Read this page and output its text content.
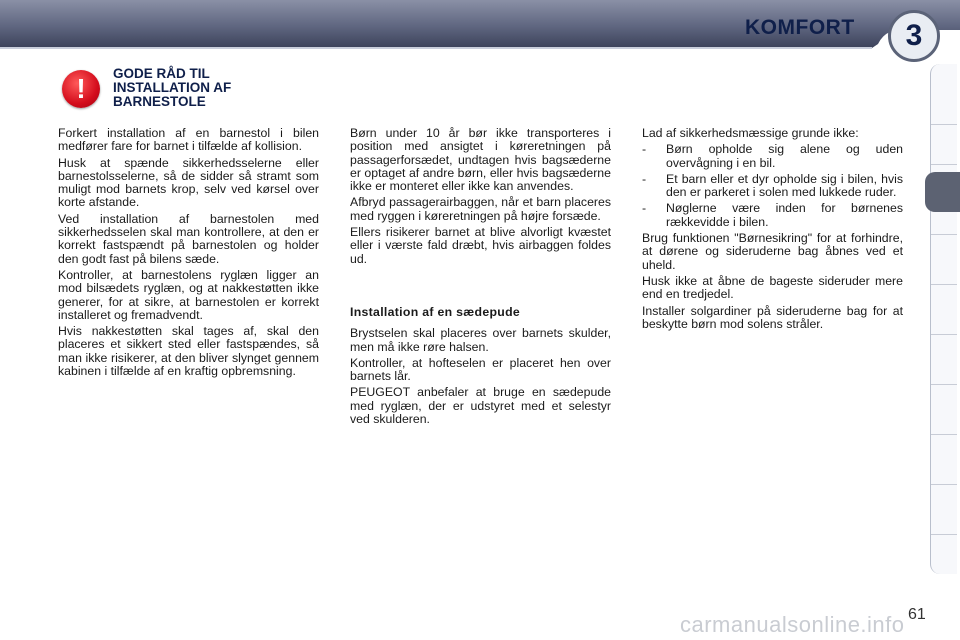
KOMFORT	3
!	GODE RÅD TIL
INSTALLATION AF
BARNESTOLE

Forkert installation af en barnestol i bilen medfører fare for barnet i tilfælde af kollision.

Husk at spænde sikkerhedsselerne eller barnestolsselerne, så de sidder så stramt som muligt mod barnets krop, selv ved kørsel over korte afstande.

Ved installation af barnestolen med sikkerhedsselen skal man kontrollere, at den er korrekt fastspændt på barnestolen og holder den godt fast på bilens sæde.

Kontroller, at barnestolens ryglæn ligger an mod bilsædets ryglæn, og at nakkestøtten ikke generer, for at sikre, at barnestolen er korrekt installeret og fremadvendt.

Hvis nakkestøtten skal tages af, skal den placeres et sikkert sted eller fastspændes, så man ikke risikerer, at den bliver slynget gennem kabinen i tilfælde af en kraftig opbremsning.

Børn under 10 år bør ikke transporteres i position med ansigtet i køreretningen på passagerforsædet, undtagen hvis bagsæderne er optaget af andre børn, eller hvis bagsæderne ikke er monteret eller ikke kan anvendes.

Afbryd passagerairbaggen, når et barn placeres med ryggen i køreretningen på højre forsæde.

Ellers risikerer barnet at blive alvorligt kvæstet eller i værste fald dræbt, hvis airbaggen foldes ud.

Installation af en sædepude

Brystselen skal placeres over barnets skulder, men må ikke røre halsen.

Kontroller, at hofteselen er placeret hen over barnets lår.

PEUGEOT anbefaler at bruge en sædepude med ryglæn, der er udstyret med et selestyr ved skulderen.

Lad af sikkerhedsmæssige grunde ikke:

-	Børn opholde sig alene og uden overvågning i en bil.
-	Et barn eller et dyr opholde sig i bilen, hvis den er parkeret i solen med lukkede ruder.
-	Nøglerne være inden for børnenes rækkevidde i bilen.

Brug funktionen "Børnesikring" for at forhindre, at dørene og sideruderne bag åbnes ved et uheld.

Husk ikke at åbne de bageste sideruder mere end en tredjedel.

Installer solgardiner på sideruderne bag for at beskytte børn mod solens stråler.

carmanualsonline.info 61
